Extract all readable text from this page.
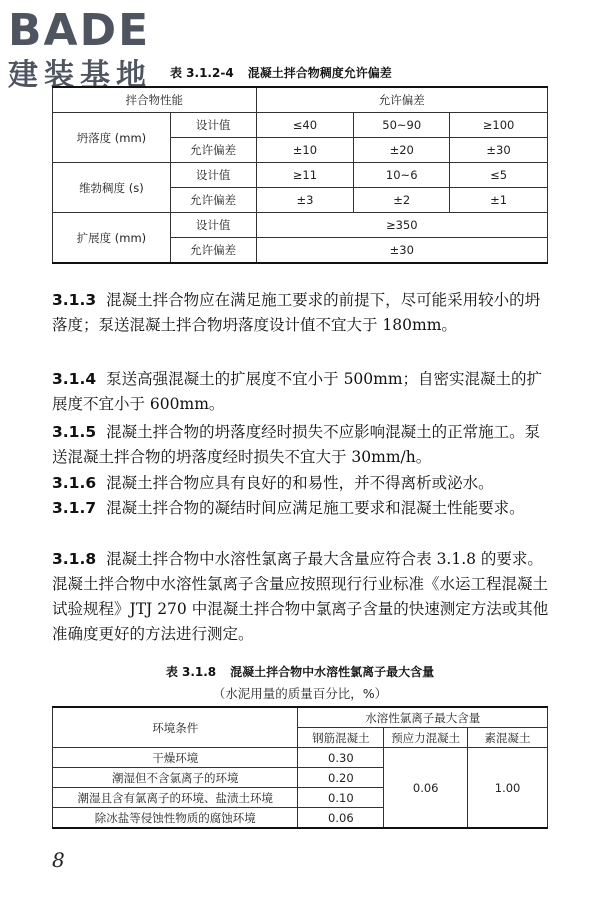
BADE
建装基地	表 3.1.2-4 混凝土拌合物稠度允许偏差
拌合物性能		允许偏差		
坍落度 (mm)	设计值	≤40	50~90	≥100
	允许偏差	±10	±20	±30
维勃稠度 (s)	设计值	≥11	10~6	≤5
	允许偏差	±3	±2	±1
扩展度 (mm)	设计值	≥350		
	允许偏差	±30		

3.1.3 混凝土拌合物应在满足施工要求的前提下，尽可能采用较小的坍落度；泵送混凝土拌合物坍落度设计值不宜大于 180mm。

3.1.4 泵送高强混凝土的扩展度不宜小于 500mm；自密实混凝土的扩展度不宜小于 600mm。

3.1.5 混凝土拌合物的坍落度经时损失不应影响混凝土的正常施工。泵送混凝土拌合物的坍落度经时损失不宜大于 30mm/h。

3.1.6 混凝土拌合物应具有良好的和易性，并不得离析或泌水。

3.1.7 混凝土拌合物的凝结时间应满足施工要求和混凝土性能要求。

3.1.8 混凝土拌合物中水溶性氯离子最大含量应符合表 3.1.8 的要求。混凝土拌合物中水溶性氯离子含量应按照现行行业标准《水运工程混凝土试验规程》JTJ 270 中混凝土拌合物中氯离子含量的快速测定方法或其他准确度更好的方法进行测定。

表 3.1.8 混凝土拌合物中水溶性氯离子最大含量
（水泥用量的质量百分比，%）
环境条件	水溶性氯离子最大含量		
	钢筋混凝土	预应力混凝土	素混凝土
干燥环境	0.30	0.06	1.00
潮湿但不含氯离子的环境	0.20		
潮湿且含有氯离子的环境、盐渍土环境	0.10		
除冰盐等侵蚀性物质的腐蚀环境	0.06		
8
